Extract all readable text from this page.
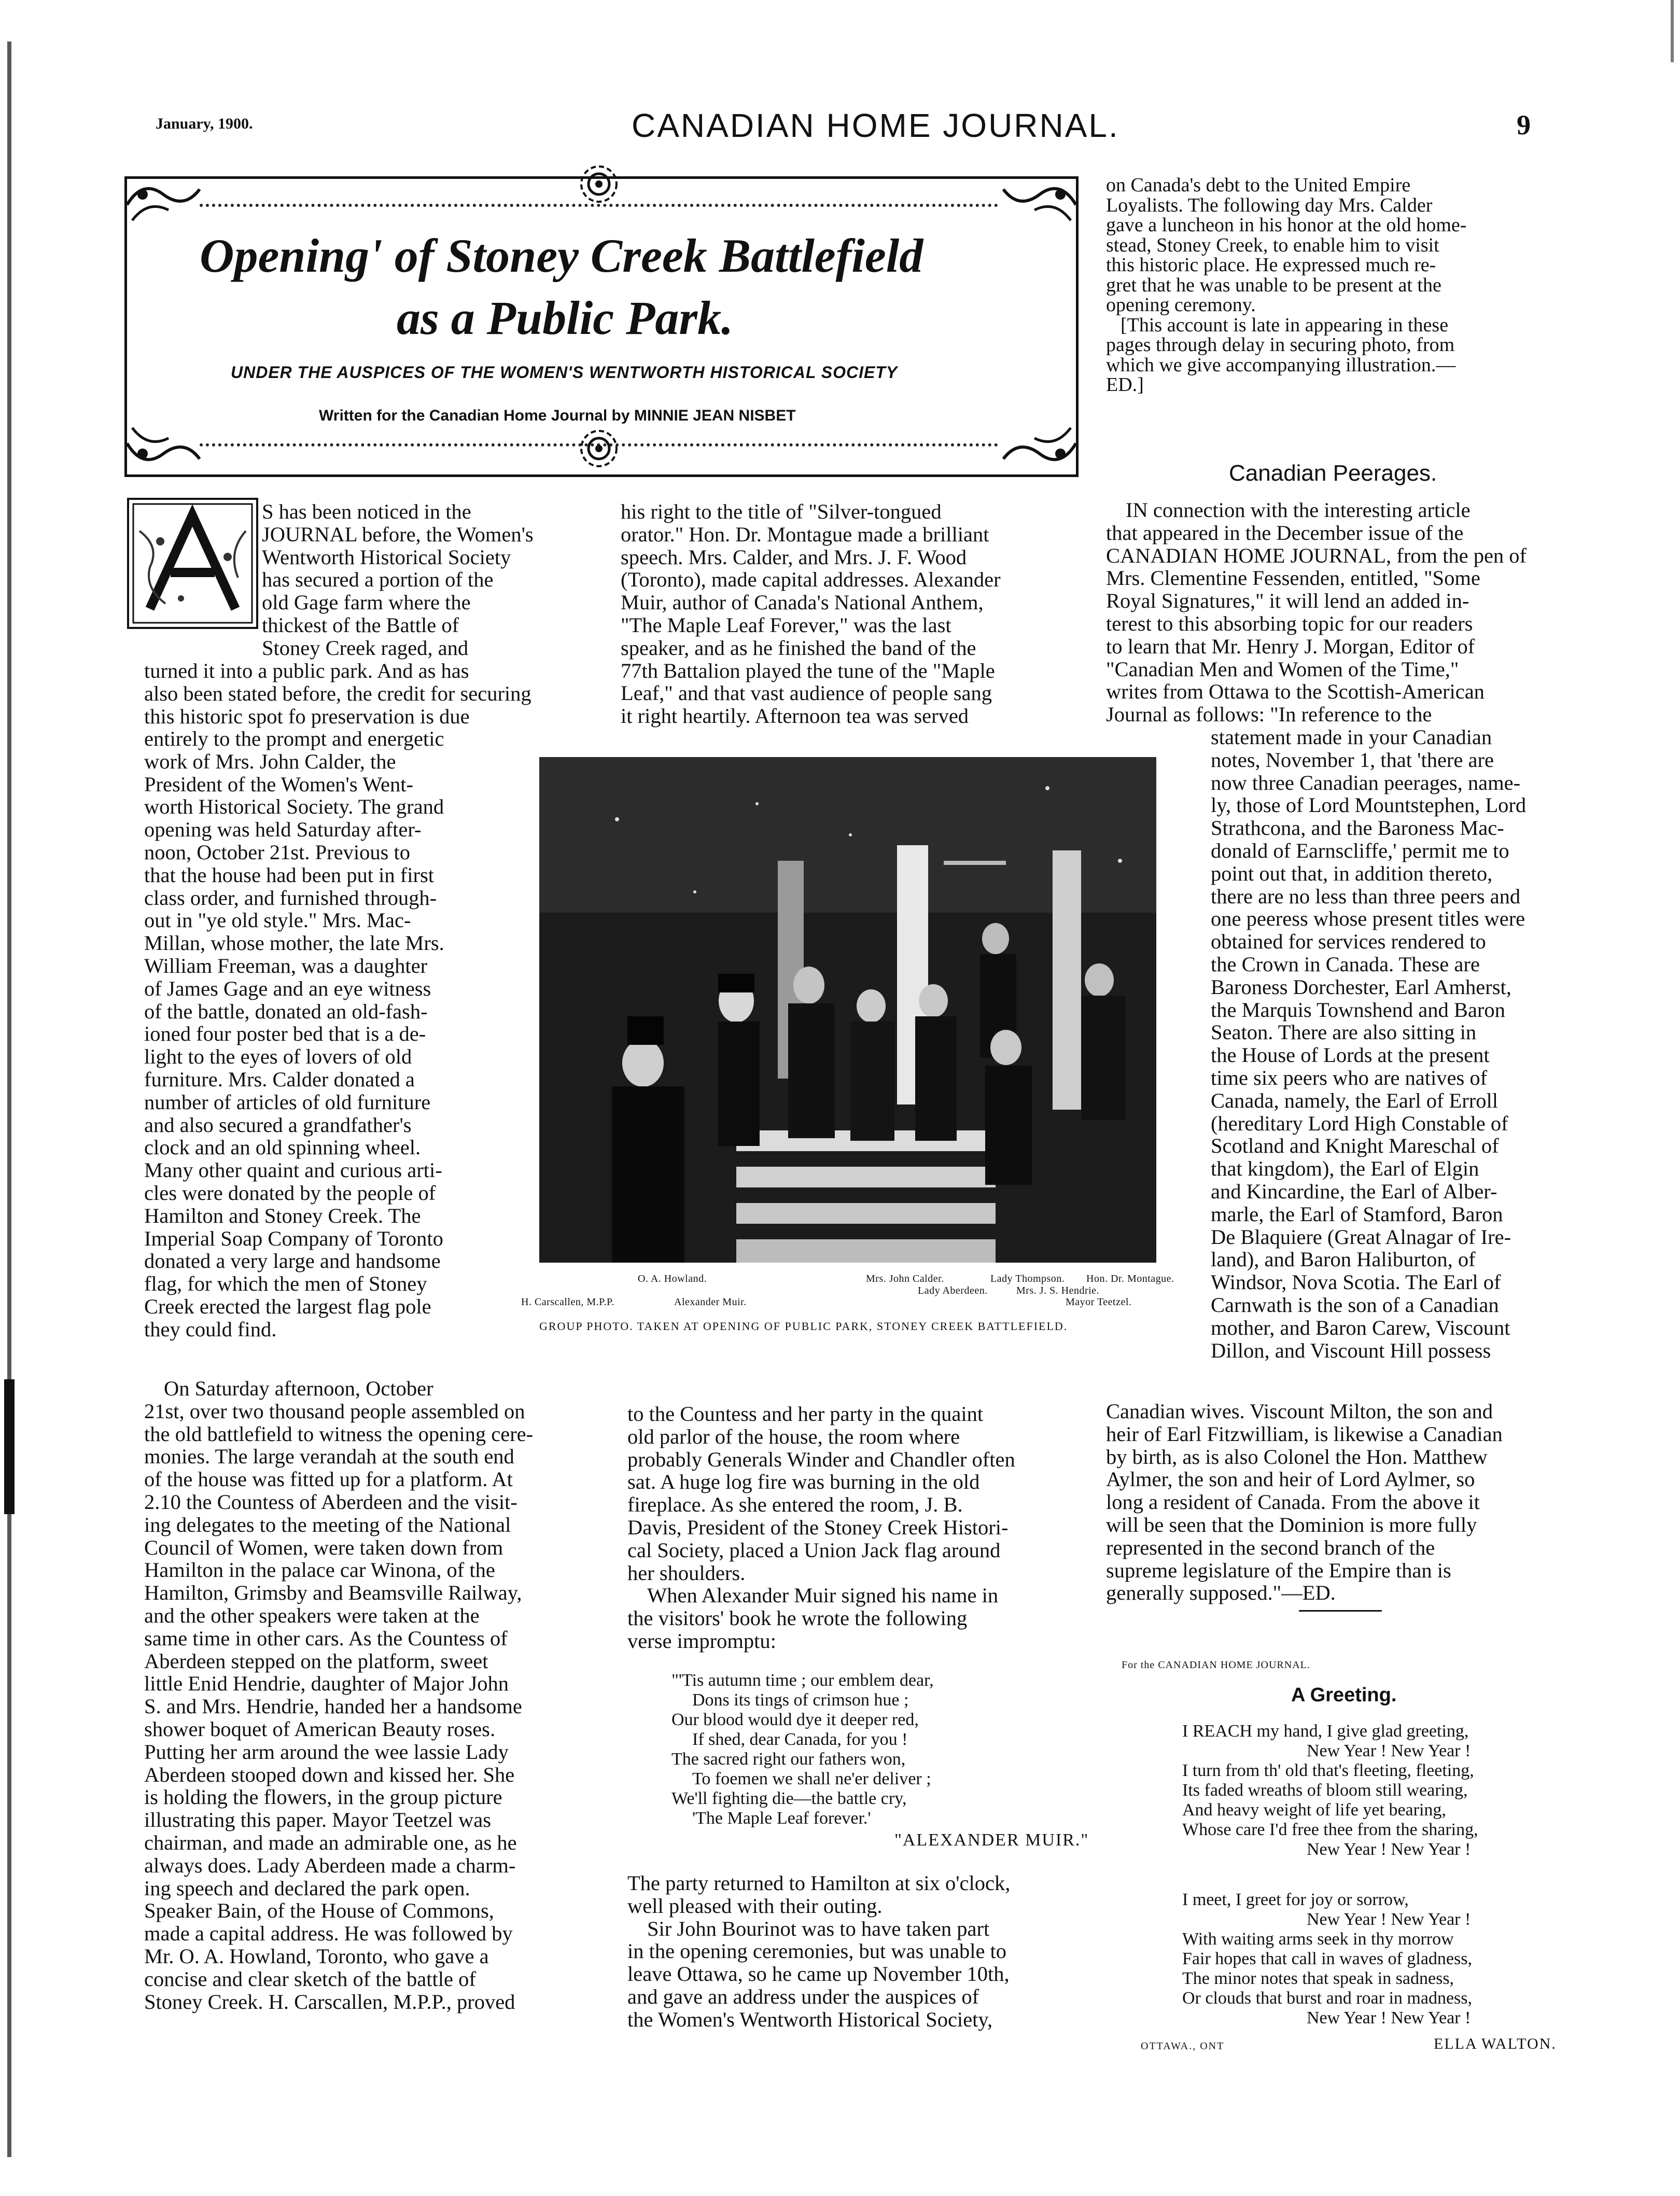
January, 1900.	CANADIAN HOME JOURNAL.	9
Opening' of Stoney Creek Battlefield
as a Public Park.
UNDER THE AUSPICES OF THE WOMEN'S WENTWORTH HISTORICAL SOCIETY
Written for the Canadian Home Journal by MINNIE JEAN NISBET
S has been noticed in the
JOURNAL before, the Women's
Wentworth Historical Society
has secured a portion of the
old Gage farm where the
thickest of the Battle of
Stoney Creek raged, and
turned it into a public park. And as has
also been stated before, the credit for securing
this historic spot fo preservation is due
entirely to the prompt and energetic
work of Mrs. John Calder, the
President of the Women's Went-
worth Historical Society. The grand
opening was held Saturday after-
noon, October 21st. Previous to
that the house had been put in first
class order, and furnished through-
out in "ye old style." Mrs. Mac-
Millan, whose mother, the late Mrs.
William Freeman, was a daughter
of James Gage and an eye witness
of the battle, donated an old-fash-
ioned four poster bed that is a de-
light to the eyes of lovers of old
furniture. Mrs. Calder donated a
number of articles of old furniture
and also secured a grandfather's
clock and an old spinning wheel.
Many other quaint and curious arti-
cles were donated by the people of
Hamilton and Stoney Creek. The
Imperial Soap Company of Toronto
donated a very large and handsome
flag, for which the men of Stoney
Creek erected the largest flag pole
they could find.
On Saturday afternoon, October
21st, over two thousand people assembled on
the old battlefield to witness the opening cere-
monies. The large verandah at the south end
of the house was fitted up for a platform. At
2.10 the Countess of Aberdeen and the visit-
ing delegates to the meeting of the National
Council of Women, were taken down from
Hamilton in the palace car Winona, of the
Hamilton, Grimsby and Beamsville Railway,
and the other speakers were taken at the
same time in other cars. As the Countess of
Aberdeen stepped on the platform, sweet
little Enid Hendrie, daughter of Major John
S. and Mrs. Hendrie, handed her a handsome
shower boquet of American Beauty roses.
Putting her arm around the wee lassie Lady
Aberdeen stooped down and kissed her. She
is holding the flowers, in the group picture
illustrating this paper. Mayor Teetzel was
chairman, and made an admirable one, as he
always does. Lady Aberdeen made a charm-
ing speech and declared the park open.
Speaker Bain, of the House of Commons,
made a capital address. He was followed by
Mr. O. A. Howland, Toronto, who gave a
concise and clear sketch of the battle of
Stoney Creek. H. Carscallen, M.P.P., proved
his right to the title of "Silver-tongued
orator." Hon. Dr. Montague made a brilliant
speech. Mrs. Calder, and Mrs. J. F. Wood
(Toronto), made capital addresses. Alexander
Muir, author of Canada's National Anthem,
"The Maple Leaf Forever," was the last
speaker, and as he finished the band of the
77th Battalion played the tune of the "Maple
Leaf," and that vast audience of people sang
it right heartily. Afternoon tea was served
O. A. Howland.	Mrs. John Calder.	Lady Thompson. Hon. Dr. Montague.
Lady Aberdeen.	Mrs. J. S. Hendrie.
H. Carscallen, M.P.P.	Alexander Muir.	Mayor Teetzel.
GROUP PHOTO. TAKEN AT OPENING OF PUBLIC PARK, STONEY CREEK BATTLEFIELD.
to the Countess and her party in the quaint
old parlor of the house, the room where
probably Generals Winder and Chandler often
sat. A huge log fire was burning in the old
fireplace. As she entered the room, J. B.
Davis, President of the Stoney Creek Histori-
cal Society, placed a Union Jack flag around
her shoulders.
When Alexander Muir signed his name in
the visitors' book he wrote the following
verse impromptu:
"'Tis autumn time ; our emblem dear,
Dons its tings of crimson hue ;
Our blood would dye it deeper red,
If shed, dear Canada, for you !
The sacred right our fathers won,
To foemen we shall ne'er deliver ;
We'll fighting die—the battle cry,
'The Maple Leaf forever.'
"ALEXANDER MUIR."
The party returned to Hamilton at six o'clock,
well pleased with their outing.
Sir John Bourinot was to have taken part
in the opening ceremonies, but was unable to
leave Ottawa, so he came up November 10th,
and gave an address under the auspices of
the Women's Wentworth Historical Society,
on Canada's debt to the United Empire
Loyalists. The following day Mrs. Calder
gave a luncheon in his honor at the old home-
stead, Stoney Creek, to enable him to visit
this historic place. He expressed much re-
gret that he was unable to be present at the
opening ceremony.
[This account is late in appearing in these
pages through delay in securing photo, from
which we give accompanying illustration.—
ED.]
Canadian Peerages.
IN connection with the interesting article
that appeared in the December issue of the
CANADIAN HOME JOURNAL, from the pen of
Mrs. Clementine Fessenden, entitled, "Some
Royal Signatures," it will lend an added in-
terest to this absorbing topic for our readers
to learn that Mr. Henry J. Morgan, Editor of
"Canadian Men and Women of the Time,"
writes from Ottawa to the Scottish-American
Journal as follows: "In reference to the
statement made in your Canadian
notes, November 1, that 'there are
now three Canadian peerages, name-
ly, those of Lord Mountstephen, Lord
Strathcona, and the Baroness Mac-
donald of Earnscliffe,' permit me to
point out that, in addition thereto,
there are no less than three peers and
one peeress whose present titles were
obtained for services rendered to
the Crown in Canada. These are
Baroness Dorchester, Earl Amherst,
the Marquis Townshend and Baron
Seaton. There are also sitting in
the House of Lords at the present
time six peers who are natives of
Canada, namely, the Earl of Erroll
(hereditary Lord High Constable of
Scotland and Knight Mareschal of
that kingdom), the Earl of Elgin
and Kincardine, the Earl of Alber-
marle, the Earl of Stamford, Baron
De Blaquiere (Great Alnagar of Ire-
land), and Baron Haliburton, of
Windsor, Nova Scotia. The Earl of
Carnwath is the son of a Canadian
mother, and Baron Carew, Viscount
Dillon, and Viscount Hill possess
Canadian wives. Viscount Milton, the son and
heir of Earl Fitzwilliam, is likewise a Canadian
by birth, as is also Colonel the Hon. Matthew
Aylmer, the son and heir of Lord Aylmer, so
long a resident of Canada. From the above it
will be seen that the Dominion is more fully
represented in the second branch of the
supreme legislature of the Empire than is
generally supposed."—ED.
For the CANADIAN HOME JOURNAL.
A Greeting.
I REACH my hand, I give glad greeting,
New Year ! New Year !
I turn from th' old that's fleeting, fleeting,
Its faded wreaths of bloom still wearing,
And heavy weight of life yet bearing,
Whose care I'd free thee from the sharing,
New Year ! New Year !
I meet, I greet for joy or sorrow,
New Year ! New Year !
With waiting arms seek in thy morrow
Fair hopes that call in waves of gladness,
The minor notes that speak in sadness,
Or clouds that burst and roar in madness,
New Year ! New Year !
OTTAWA., ONT	ELLA WALTON.
